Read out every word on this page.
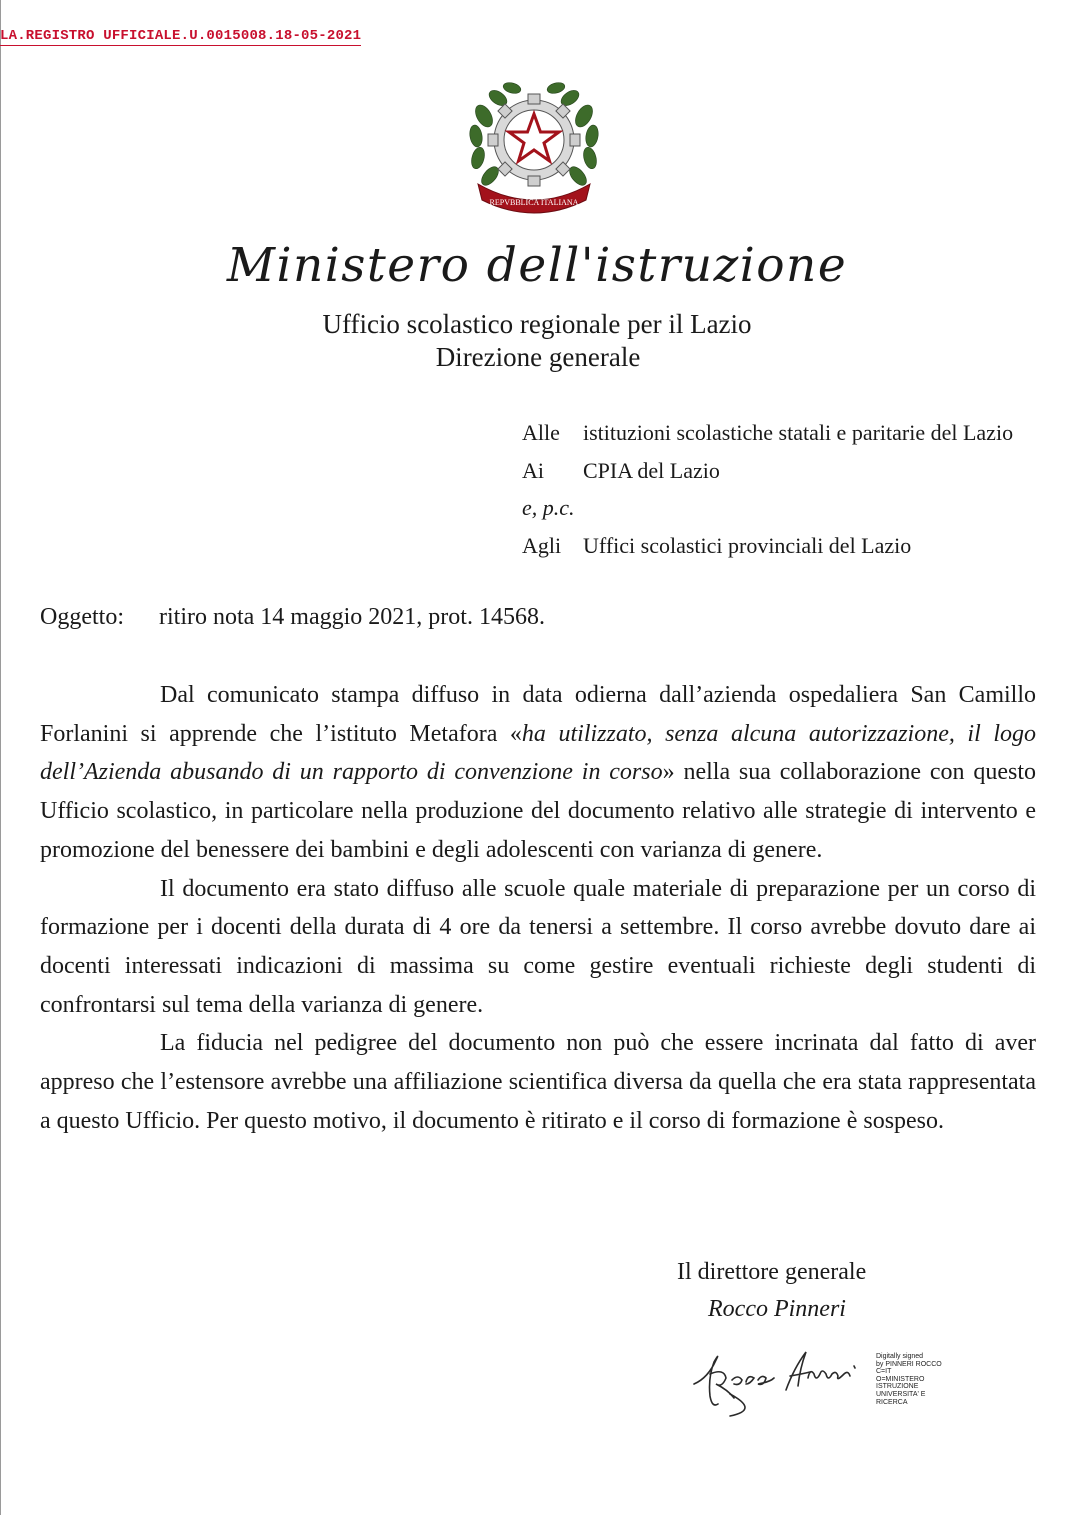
LA.REGISTRO UFFICIALE.U.0015008.18-05-2021
REPVBBLICA ITALIANA
Ministero dell'istruzione
Ufficio scolastico regionale per il Lazio
Direzione generale
Alle istituzioni scolastiche statali e paritarie del Lazio
Ai CPIA del Lazio
e, p.c.
Agli Uffici scolastici provinciali del Lazio
Oggetto: ritiro nota 14 maggio 2021, prot. 14568.

Dal comunicato stampa diffuso in data odierna dall’azienda ospedaliera San Camillo Forlanini si apprende che l’istituto Metafora «ha utilizzato, senza alcuna autorizzazione, il logo dell’Azienda abusando di un rapporto di convenzione in corso» nella sua collaborazione con questo Ufficio scolastico, in particolare nella produzione del documento relativo alle strategie di intervento e promozione del benessere dei bambini e degli adolescenti con varianza di genere.

Il documento era stato diffuso alle scuole quale materiale di preparazione per un corso di formazione per i docenti della durata di 4 ore da tenersi a settembre. Il corso avrebbe dovuto dare ai docenti interessati indicazioni di massima su come gestire eventuali richieste degli studenti di confrontarsi sul tema della varianza di genere.

La fiducia nel pedigree del documento non può che essere incrinata dal fatto di aver appreso che l’estensore avrebbe una affiliazione scientifica diversa da quella che era stata rappresentata a questo Ufficio. Per questo motivo, il documento è ritirato e il corso di formazione è sospeso.

Il direttore generale
Rocco Pinneri
Digitally signed
by PINNERI ROCCO
C=IT
O=MINISTERO
ISTRUZIONE
UNIVERSITA' E
RICERCA
